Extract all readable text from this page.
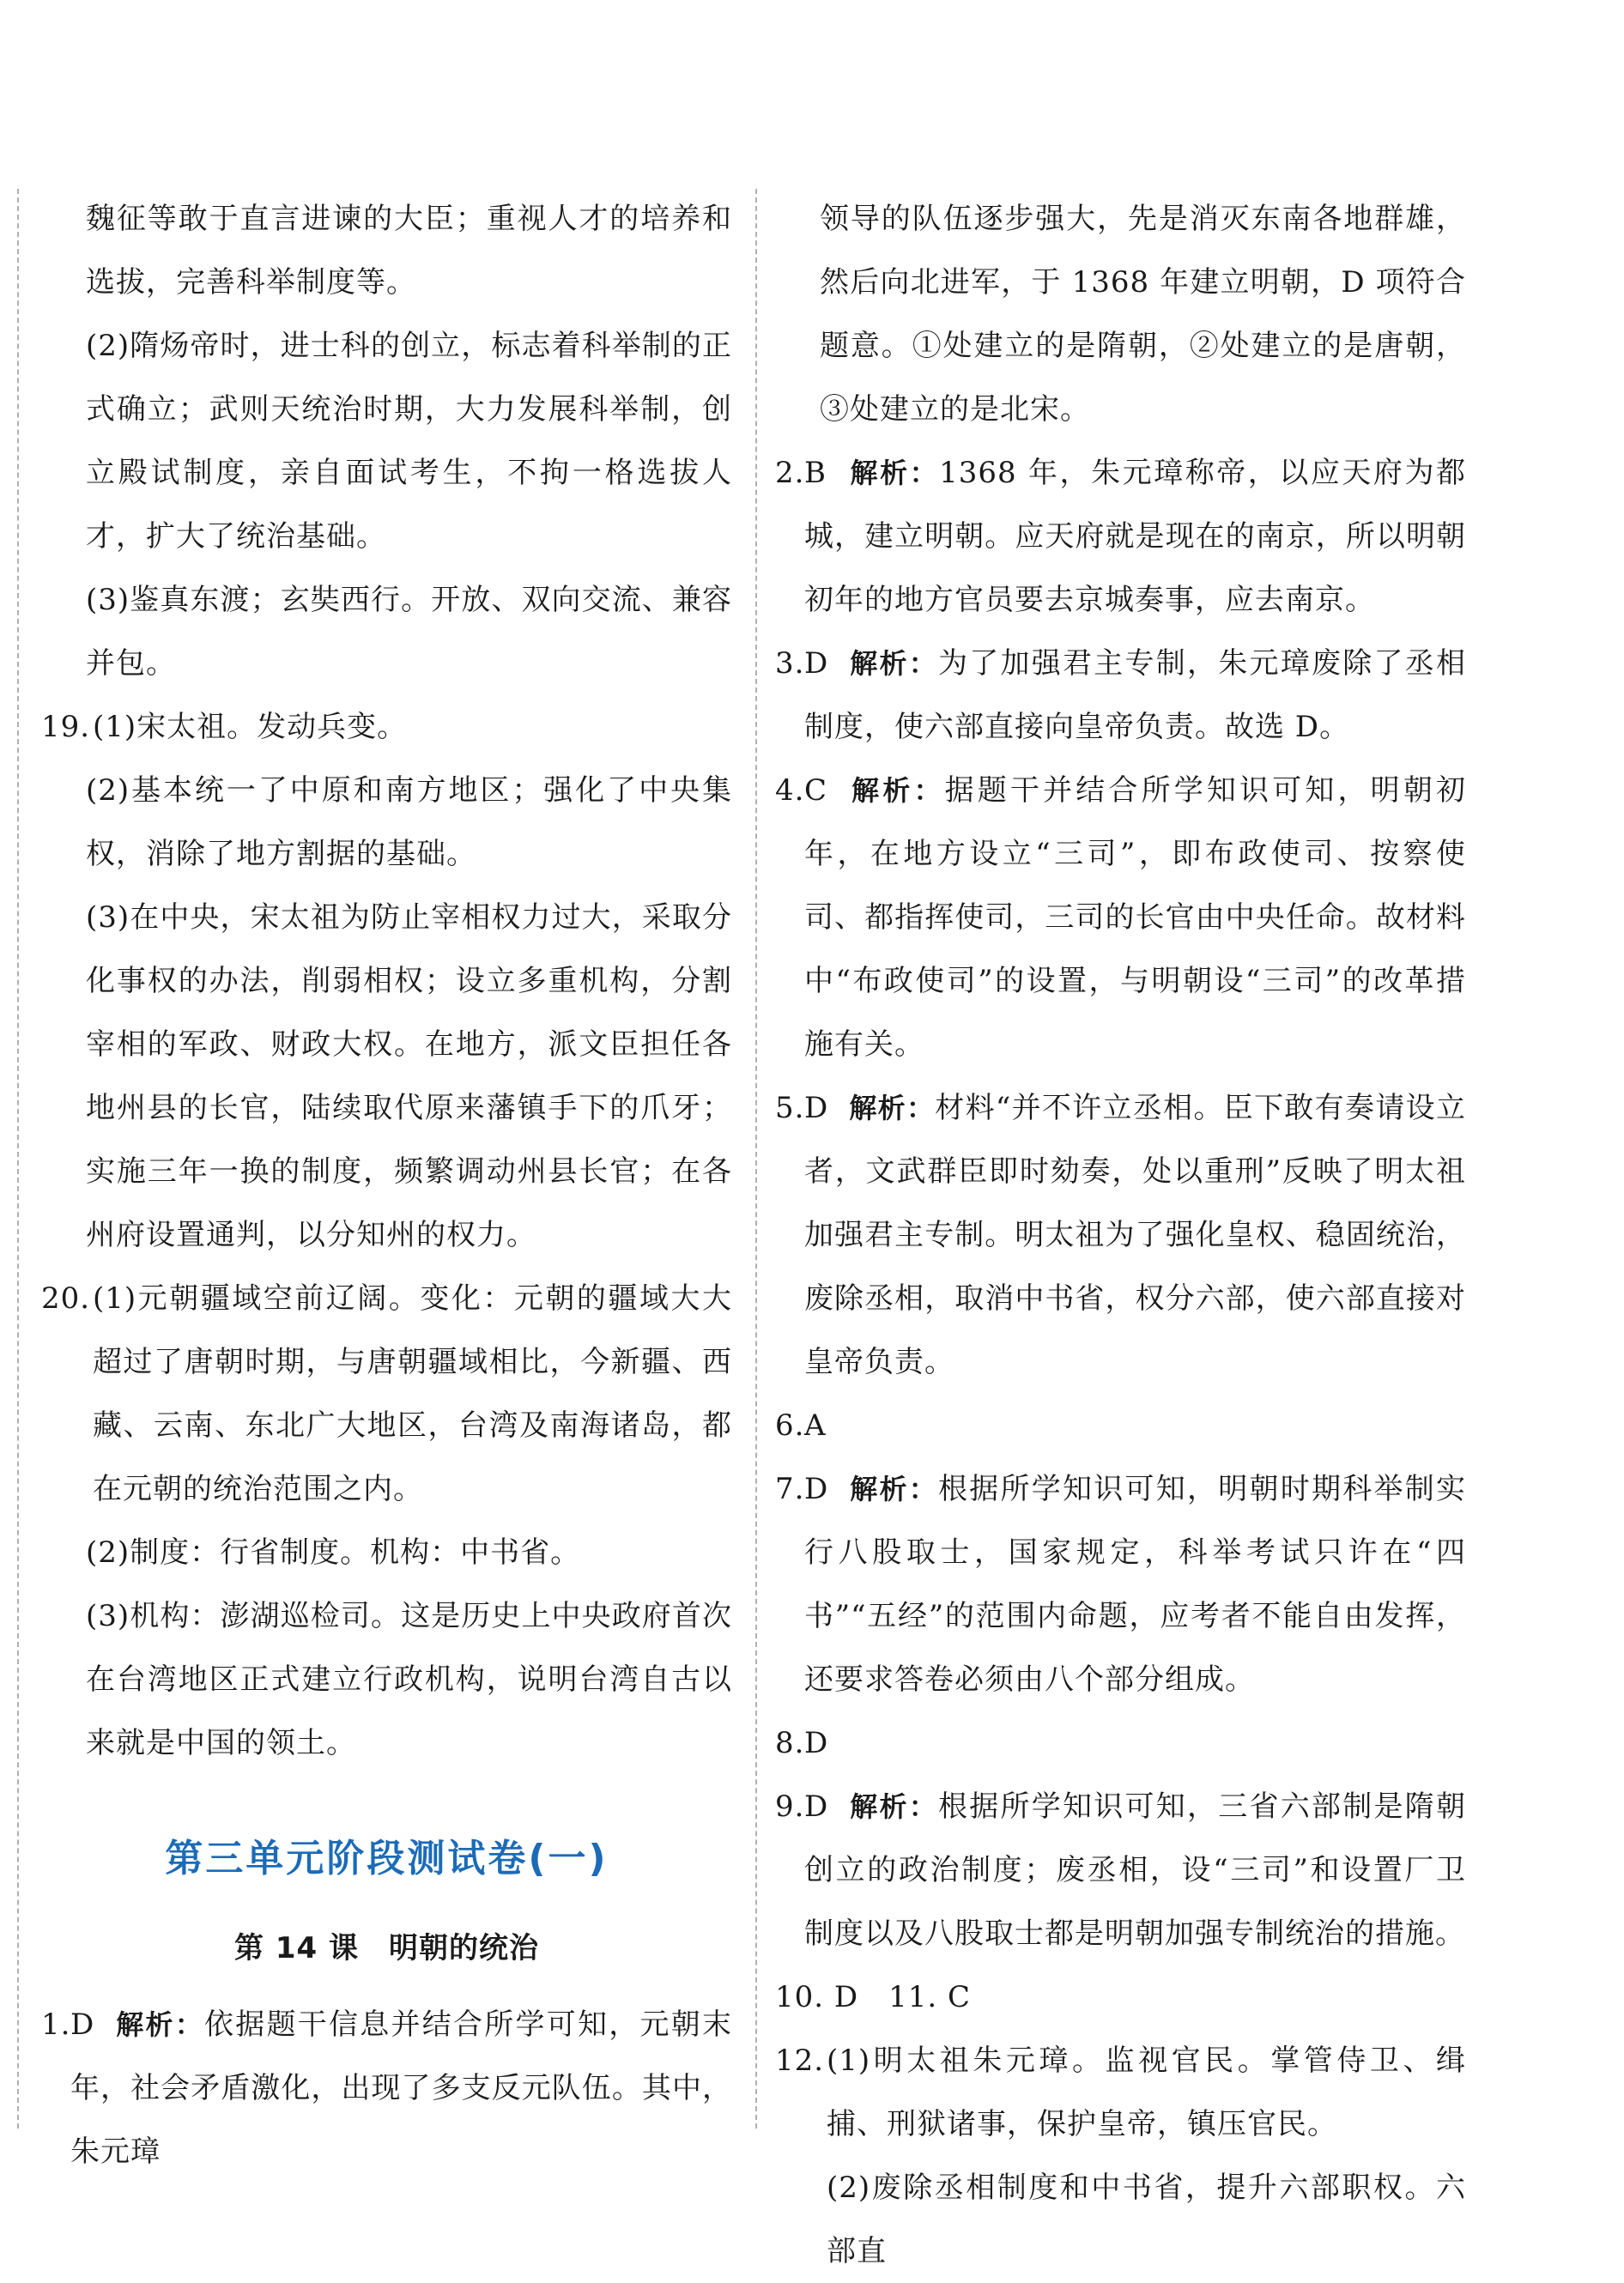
魏征等敢于直言进谏的大臣；重视人才的培养和选拔，完善科举制度等。

(2)隋炀帝时，进士科的创立，标志着科举制的正式确立；武则天统治时期，大力发展科举制，创立殿试制度，亲自面试考生，不拘一格选拔人才，扩大了统治基础。

(3)鉴真东渡；玄奘西行。开放、双向交流、兼容并包。

19. (1)宋太祖。发动兵变。

(2)基本统一了中原和南方地区；强化了中央集权，消除了地方割据的基础。

(3)在中央，宋太祖为防止宰相权力过大，采取分化事权的办法，削弱相权；设立多重机构，分割宰相的军政、财政大权。在地方，派文臣担任各地州县的长官，陆续取代原来藩镇手下的爪牙；实施三年一换的制度，频繁调动州县长官；在各州府设置通判，以分知州的权力。

20. (1)元朝疆域空前辽阔。变化：元朝的疆域大大超过了唐朝时期，与唐朝疆域相比，今新疆、西藏、云南、东北广大地区，台湾及南海诸岛，都在元朝的统治范围之内。

(2)制度：行省制度。机构：中书省。

(3)机构：澎湖巡检司。这是历史上中央政府首次在台湾地区正式建立行政机构，说明台湾自古以来就是中国的领土。

第三单元阶段测试卷(一)
第 14 课　明朝的统治
1. D 解析：依据题干信息并结合所学可知，元朝末年，社会矛盾激化，出现了多支反元队伍。其中，朱元璋

领导的队伍逐步强大，先是消灭东南各地群雄，然后向北进军，于 1368 年建立明朝，D 项符合题意。①处建立的是隋朝，②处建立的是唐朝，③处建立的是北宋。

2. B 解析：1368 年，朱元璋称帝，以应天府为都城，建立明朝。应天府就是现在的南京，所以明朝初年的地方官员要去京城奏事，应去南京。

3. D 解析：为了加强君主专制，朱元璋废除了丞相制度，使六部直接向皇帝负责。故选 D。

4. C 解析：据题干并结合所学知识可知，明朝初年，在地方设立“三司”，即布政使司、按察使司、都指挥使司，三司的长官由中央任命。故材料中“布政使司”的设置，与明朝设“三司”的改革措施有关。

5. D 解析：材料“并不许立丞相。臣下敢有奏请设立者，文武群臣即时劾奏，处以重刑”反映了明太祖加强君主专制。明太祖为了强化皇权、稳固统治，废除丞相，取消中书省，权分六部，使六部直接对皇帝负责。

6. A

7. D 解析：根据所学知识可知，明朝时期科举制实行八股取士，国家规定，科举考试只许在“四书”“五经”的范围内命题，应考者不能自由发挥，还要求答卷必须由八个部分组成。

8. D

9. D 解析：根据所学知识可知，三省六部制是隋朝创立的政治制度；废丞相，设“三司”和设置厂卫制度以及八股取士都是明朝加强专制统治的措施。

10. D　11. C

12. (1)明太祖朱元璋。监视官民。掌管侍卫、缉捕、刑狱诸事，保护皇帝，镇压官民。

(2)废除丞相制度和中书省，提升六部职权。六部直
